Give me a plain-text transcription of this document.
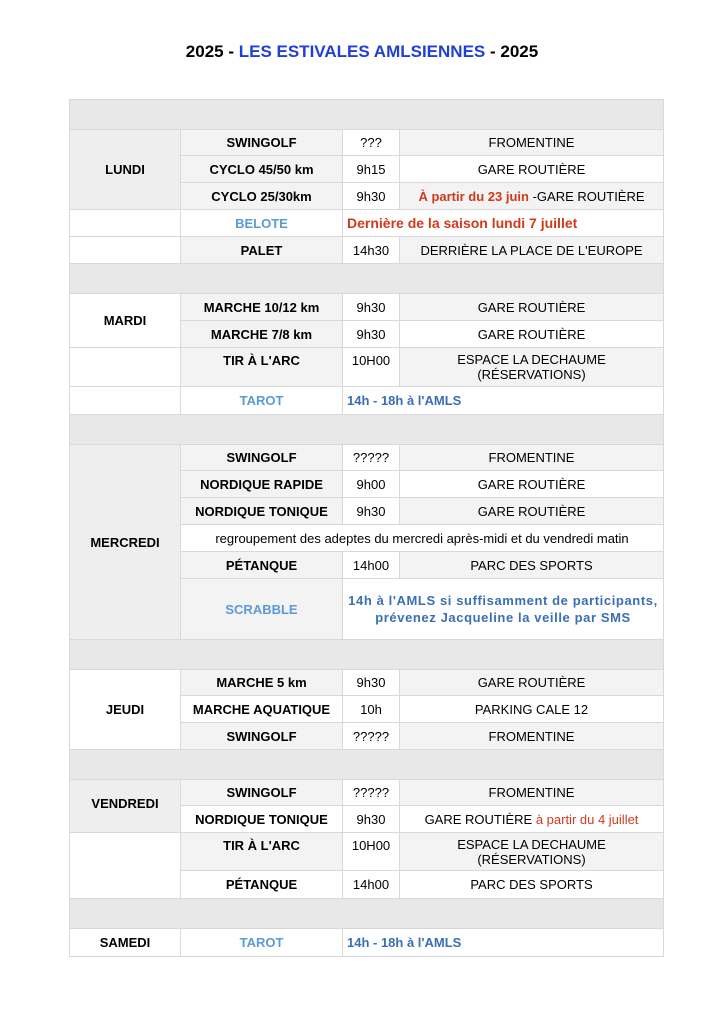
2025 - LES ESTIVALES AMLSIENNES - 2025

LUNDI	SWINGOLF	???	FROMENTINE
	CYCLO 45/50 km	9h15	GARE ROUTIÈRE
	CYCLO 25/30km	9h30	À partir du 23 juin -GARE ROUTIÈRE
	BELOTE	Dernière de la saison lundi 7 juillet	
	PALET	14h30	DERRIÈRE LA PLACE DE L'EUROPE

MARDI	MARCHE 10/12 km	9h30	GARE ROUTIÈRE
	MARCHE 7/8 km	9h30	GARE ROUTIÈRE
	TIR À L'ARC	10H00	ESPACE LA DECHAUME
(RÉSERVATIONS)

	TAROT	14h - 18h à l'AMLS	

MERCREDI	SWINGOLF	?????	FROMENTINE
	NORDIQUE RAPIDE	9h00	GARE ROUTIÈRE
	NORDIQUE TONIQUE	9h30	GARE ROUTIÈRE
	regroupement des adeptes du mercredi après-midi et du vendredi matin		
	PÉTANQUE	14h00	PARC DES SPORTS
	SCRABBLE	14h à l'AMLS si suffisamment de participants, prévenez Jacqueline la veille par SMS	

JEUDI	MARCHE 5 km	9h30	GARE ROUTIÈRE
	MARCHE AQUATIQUE	10h	PARKING CALE 12
	SWINGOLF	?????	FROMENTINE

VENDREDI	SWINGOLF	?????	FROMENTINE
	NORDIQUE TONIQUE	9h30	GARE ROUTIÈRE à partir du 4 juillet
	TIR À L'ARC	10H00	ESPACE LA DECHAUME
(RÉSERVATIONS)

	PÉTANQUE	14h00	PARC DES SPORTS

SAMEDI	TAROT	14h - 18h à l'AMLS	
